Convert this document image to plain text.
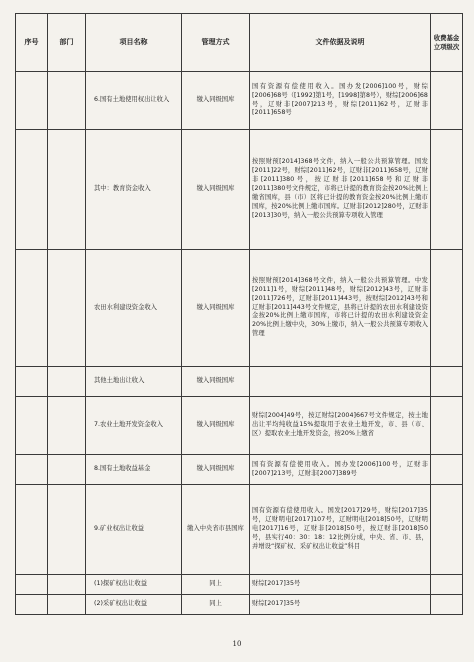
序号	部门	项目名称	管理方式	文件依据及说明	收费基金立项级次
		6.国有土地使用权出让收入	缴入同级国库	国有资源有偿使用收入。国办发[2006]100号，财综[2006]68号（[1992]第1号，[1998]第8号），财综[2006]68号，辽财非[2007]213号，财综[2011]62号，辽财非[2011]658号	
		其中：教育资金收入	缴入同级国库	按照财预[2014]368号文件，纳入一般公共预算管理。国发[2011]22号，财综[2011]62号，辽财非[2011]658号，辽财非[2011]380号，按辽财非[2011]658号和辽财非[2011]380号文件规定，市将已计提的教育资金按20%比例上缴省国库，县（市）区将已计提的教育资金按20%比例上缴市国库，按20%比例上缴市国库。辽财非[2012]280号，辽财非[2013]30号，纳入一般公共预算专项收入管理	
		农田水利建设资金收入	缴入同级国库	按照财预[2014]368号文件，纳入一般公共预算管理。中发[2011]1号，财综[2011]48号，财综[2012]43号，辽财非[2011]726号，辽财非[2011]443号，按财综[2012]43号和辽财非[2011]443号文件规定，县将已计提的农田水利建设资金按20%比例上缴市国库，市将已计提的农田水利建设资金20%比例上缴中央，30%上缴市，纳入一般公共预算专项收入管理	
		其他土地出让收入	缴入同级国库		
		7.农业土地开发资金收入	缴入同级国库	财综[2004]49号，按辽财综[2004]667号文件规定，按土地出让平均纯收益15%提取用于农业土地开发，市、县（市、区）提取农业土地开发资金，按20%上缴省	
		8.国有土地收益基金	缴入同级国库	国有资源有偿使用收入。国办发[2006]100号，辽财非[2007]213号，辽财非[2007]389号	
		9.矿业权出让收益	缴入中央省市县国库	国有资源有偿使用收入。国发[2017]29号，财综[2017]35号，辽财明电[2017]107号，辽财明电[2018]50号，辽财明电[2017]16号，辽财非[2018]50号，按辽财非[2018]50号，县实行40：30：18：12比例分成，中央、省、市、县，并增设“探矿权、采矿权出让收益”科目	
		(1)探矿权出让收益	同上	财综[2017]35号	
		(2)采矿权出让收益	同上	财综[2017]35号	
10
